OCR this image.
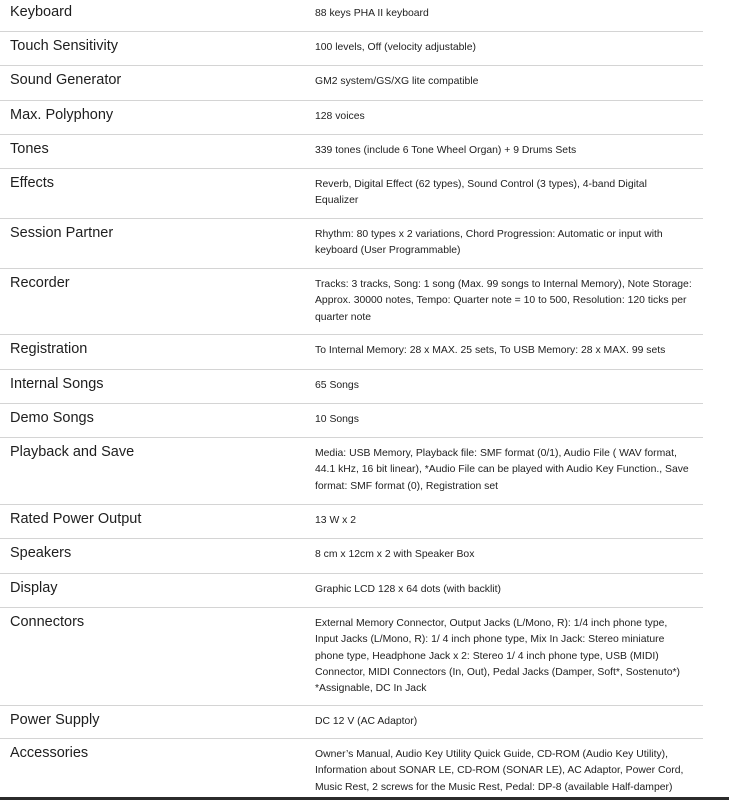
Keyboard	88 keys PHA II keyboard
Touch Sensitivity	100 levels, Off (velocity adjustable)
Sound Generator	GM2 system/GS/XG lite compatible
Max. Polyphony	128 voices
Tones	339 tones (include 6 Tone Wheel Organ) + 9 Drums Sets
Effects	Reverb, Digital Effect (62 types), Sound Control (3 types), 4-band Digital Equalizer
Session Partner	Rhythm: 80 types x 2 variations, Chord Progression: Automatic or input with keyboard (User Programmable)
Recorder	Tracks: 3 tracks, Song: 1 song (Max. 99 songs to Internal Memory), Note Storage: Approx. 30000 notes, Tempo: Quarter note = 10 to 500, Resolution: 120 ticks per quarter note
Registration	To Internal Memory: 28 x MAX. 25 sets, To USB Memory: 28 x MAX. 99 sets
Internal Songs	65 Songs
Demo Songs	10 Songs
Playback and Save	Media: USB Memory, Playback file: SMF format (0/1), Audio File ( WAV format, 44.1 kHz, 16 bit linear), *Audio File can be played with Audio Key Function., Save format: SMF format (0), Registration set
Rated Power Output	13 W x 2
Speakers	8 cm x 12cm x 2 with Speaker Box
Display	Graphic LCD 128 x 64 dots (with backlit)
Connectors	External Memory Connector, Output Jacks (L/Mono, R): 1/4 inch phone type, Input Jacks (L/Mono, R): 1/ 4 inch phone type, Mix In Jack: Stereo miniature phone type, Headphone Jack x 2: Stereo 1/ 4 inch phone type, USB (MIDI) Connector, MIDI Connectors (In, Out), Pedal Jacks (Damper, Soft*, Sostenuto*) *Assignable, DC In Jack
Power Supply	DC 12 V (AC Adaptor)
Accessories	Owner’s Manual, Audio Key Utility Quick Guide, CD-ROM (Audio Key Utility), Information about SONAR LE, CD-ROM (SONAR LE), AC Adaptor, Power Cord, Music Rest, 2 screws for the Music Rest, Pedal: DP-8 (available Half-damper)
